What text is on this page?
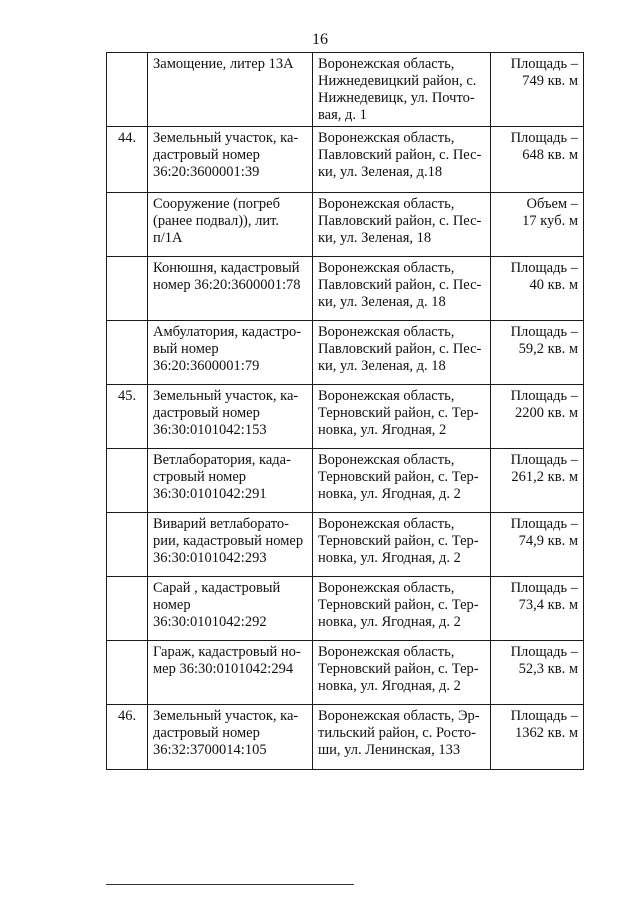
16

	Замощение, литер 13А	Воронежская область,
Нижнедевицкий район, с.
Нижнедевицк, ул. Почто-
вая, д. 1	Площадь –
749 кв. м

44.	Земельный участок, ка-
дастровый номер
36:20:3600001:39	Воронежская область,
Павловский район, с. Пес-
ки, ул. Зеленая, д.18	Площадь –
648 кв. м

	Сооружение (погреб
(ранее подвал)), лит.
п/1А	Воронежская область,
Павловский район, с. Пес-
ки, ул. Зеленая, 18	Объем –
17 куб. м

	Конюшня, кадастровый
номер 36:20:3600001:78	Воронежская область,
Павловский район, с. Пес-
ки, ул. Зеленая, д. 18	Площадь –
40 кв. м

	Амбулатория, кадастро-
вый номер
36:20:3600001:79	Воронежская область,
Павловский район, с. Пес-
ки, ул. Зеленая, д. 18	Площадь –
59,2 кв. м

45.	Земельный участок, ка-
дастровый номер
36:30:0101042:153	Воронежская область,
Терновский район, с. Тер-
новка, ул. Ягодная, 2	Площадь –
2200 кв. м

	Ветлаборатория, када-
стровый номер
36:30:0101042:291	Воронежская область,
Терновский район, с. Тер-
новка, ул. Ягодная, д. 2	Площадь –
261,2 кв. м

	Виварий ветлаборато-
рии, кадастровый номер
36:30:0101042:293	Воронежская область,
Терновский район, с. Тер-
новка, ул. Ягодная, д. 2	Площадь –
74,9 кв. м

	Сарай , кадастровый
номер
36:30:0101042:292	Воронежская область,
Терновский район, с. Тер-
новка, ул. Ягодная, д. 2	Площадь –
73,4 кв. м

	Гараж, кадастровый но-
мер 36:30:0101042:294	Воронежская область,
Терновский район, с. Тер-
новка, ул. Ягодная, д. 2	Площадь –
52,3 кв. м

46.	Земельный участок, ка-
дастровый номер
36:32:3700014:105	Воронежская область, Эр-
тильский район, с. Росто-
ши, ул. Ленинская, 133	Площадь –
1362 кв. м
